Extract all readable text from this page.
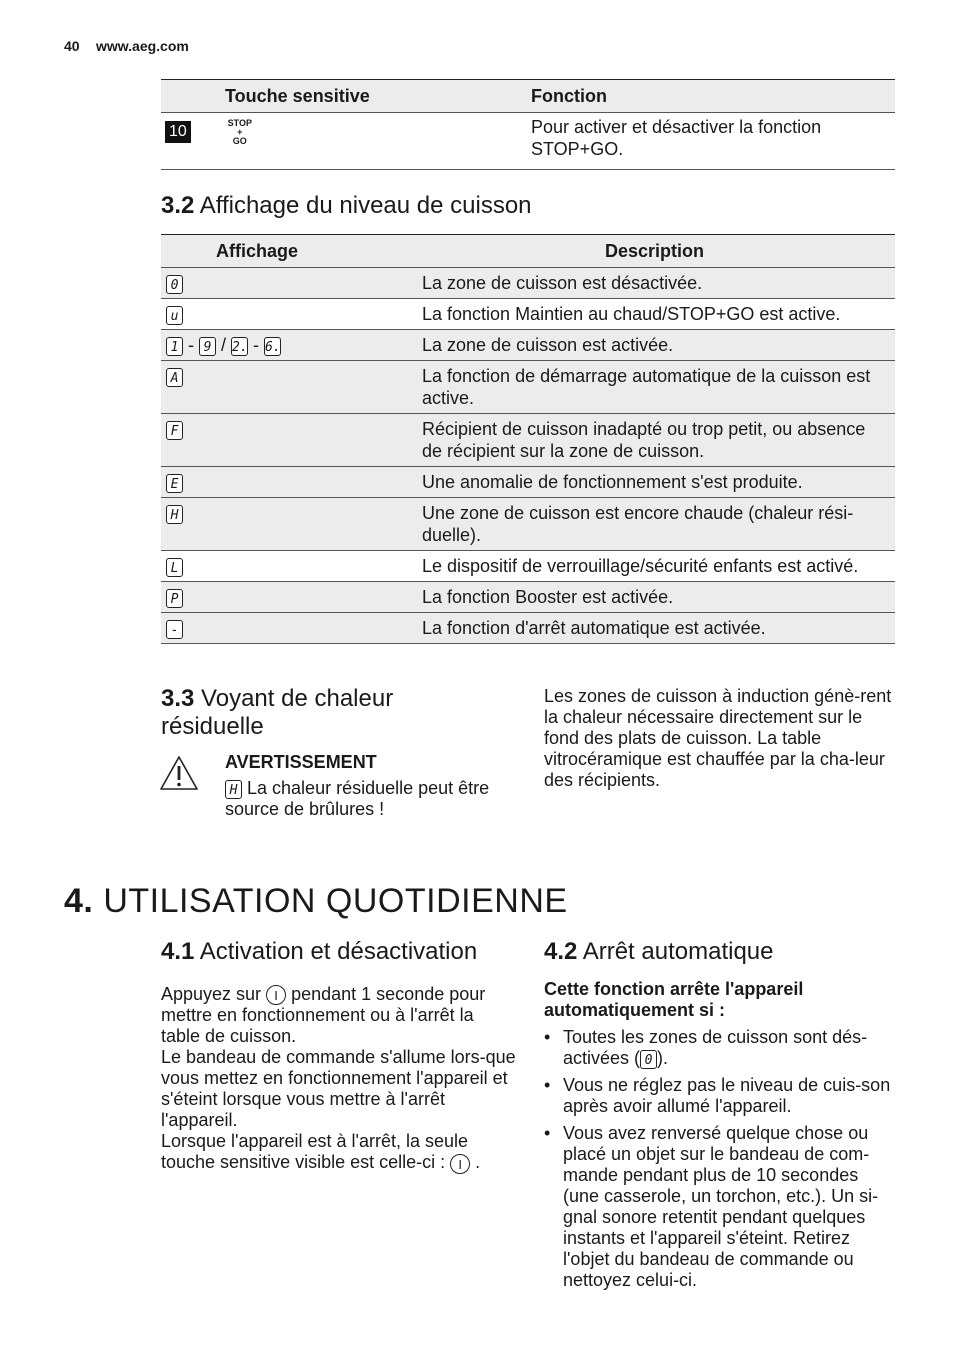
40 www.aeg.com
Touche sensitive	Fonction
10 STOP
+
GO	Pour activer et désactiver la fonction STOP+GO.
3.2 Affichage du niveau de cuisson
Affichage	Description
0	La zone de cuisson est désactivée.
u	La fonction Maintien au chaud/STOP+GO est active.
1 - 9 / 2. - 6.	La zone de cuisson est activée.
A	La fonction de démarrage automatique de la cuisson est active.
F	Récipient de cuisson inadapté ou trop petit, ou absence de récipient sur la zone de cuisson.
E	Une anomalie de fonctionnement s'est produite.
H	Une zone de cuisson est encore chaude (chaleur rési-duelle).
L	Le dispositif de verrouillage/sécurité enfants est activé.
P	La fonction Booster est activée.
-	La fonction d'arrêt automatique est activée.
3.3 Voyant de chaleur
résiduelle
AVERTISSEMENT
H La chaleur résiduelle peut être source de brûlures !
Les zones de cuisson à induction génè-rent la chaleur nécessaire directement sur le fond des plats de cuisson. La table vitrocéramique est chauffée par la cha-leur des récipients.
4. UTILISATION QUOTIDIENNE
4.1 Activation et désactivation
Appuyez sur I pendant 1 seconde pour mettre en fonctionnement ou à l'arrêt la table de cuisson.
Le bandeau de commande s'allume lors-que vous mettez en fonctionnement l'appareil et s'éteint lorsque vous mettre à l'arrêt l'appareil.
Lorsque l'appareil est à l'arrêt, la seule touche sensitive visible est celle-ci : I .
4.2 Arrêt automatique
Cette fonction arrête l'appareil automatiquement si :
• Toutes les zones de cuisson sont dés-activées ( 0 ).
• Vous ne réglez pas le niveau de cuis-son après avoir allumé l'appareil.
• Vous avez renversé quelque chose ou placé un objet sur le bandeau de com-mande pendant plus de 10 secondes (une casserole, un torchon, etc.). Un si-gnal sonore retentit pendant quelques instants et l'appareil s'éteint. Retirez l'objet du bandeau de commande ou nettoyez celui-ci.
